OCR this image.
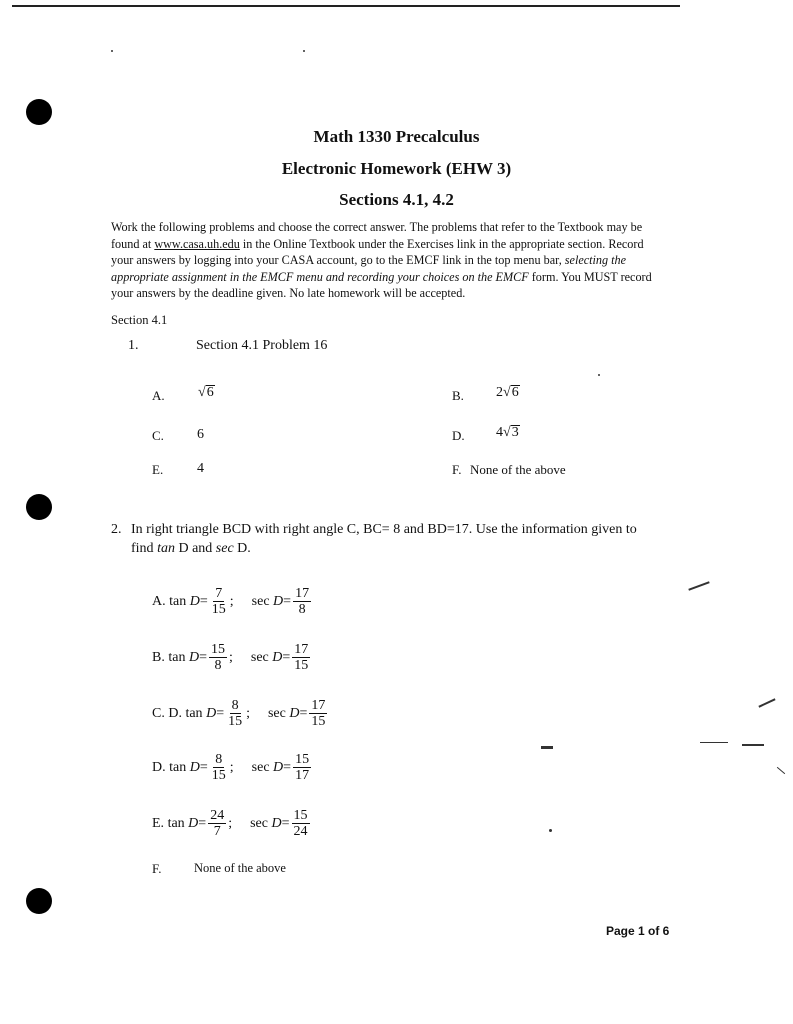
Math 1330 Precalculus
Electronic Homework (EHW 3)
Sections 4.1, 4.2
Work the following problems and choose the correct answer. The problems that refer to the Textbook may be found at www.casa.uh.edu in the Online Textbook under the Exercises link in the appropriate section. Record your answers by logging into your CASA account, go to the EMCF link in the top menu bar, selecting the appropriate assignment in the EMCF menu and recording your choices on the EMCF form. You MUST record your answers by the deadline given. No late homework will be accepted.
Section 4.1
1.	Section 4.1 Problem 16
A. √ 6	B. 2√ 6
C. 6	D. 4√ 3
E. 4	F. None of the above
2. In right triangle BCD with right angle C, BC= 8 and BD=17. Use the information given to
find tan D and sec D.
A.
tan
$D = \frac{7}{15}$ ; sec
$D = \frac{17}{8}$
B.
tan
$D = \frac{15}{8}$ ; sec
$D = \frac{17}{15}$
C. D.
tan
$D = \frac{8}{15}$ ; sec
$D = \frac{17}{15}$
D.
tan
$D = \frac{8}{15}$ ; sec
$D = \frac{15}{17}$
E.
tan
$D = \frac{24}{7}$ ; sec
$D = \frac{15}{24}$
F.	None of the above
Page 1 of 6
